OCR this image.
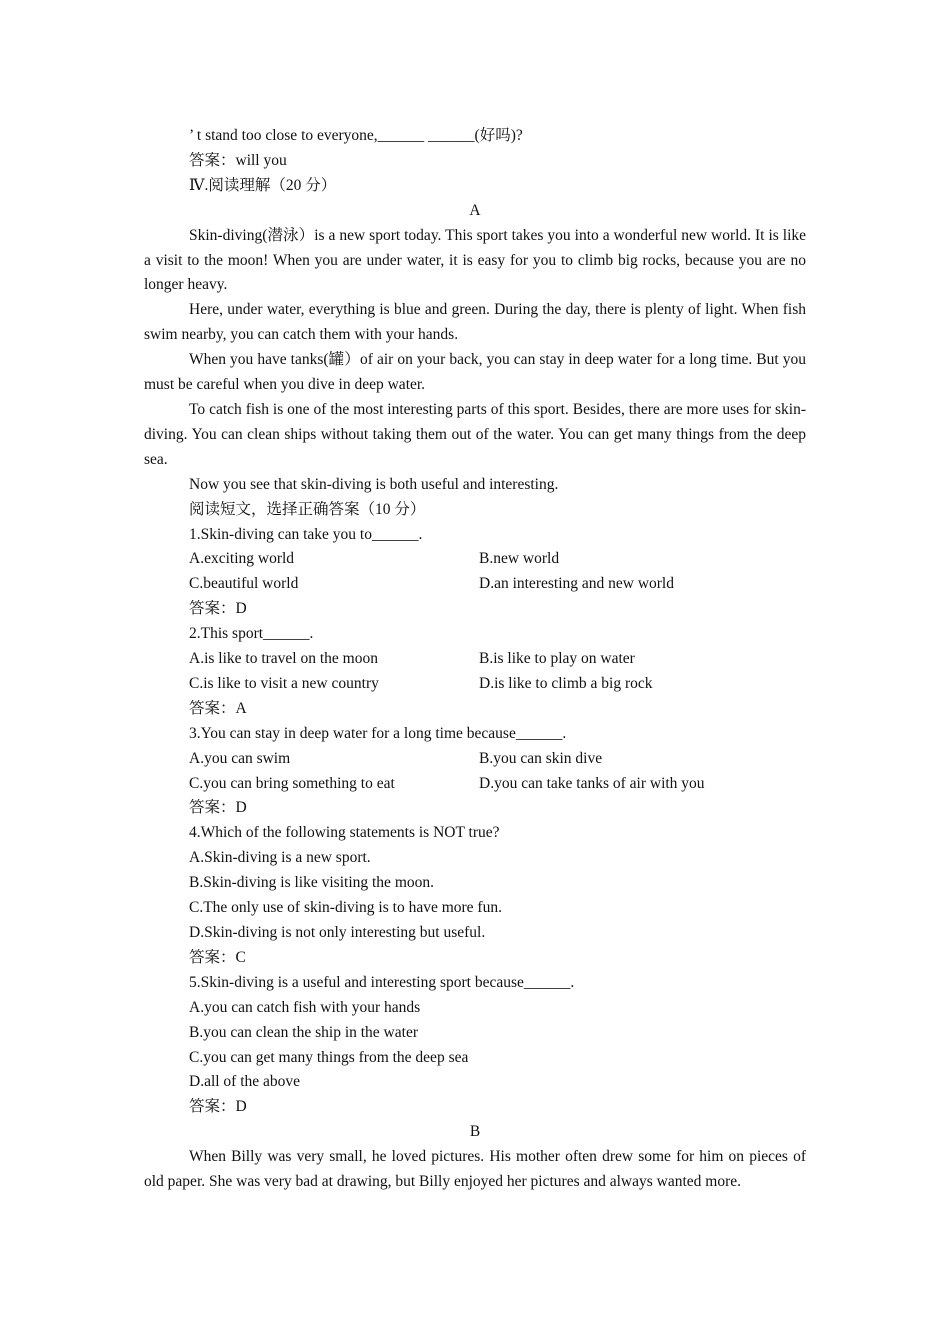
’ t stand too close to everyone,______ ______(好吗)?

答案：will you

Ⅳ.阅读理解（20 分）

A

Skin-diving(潜泳）is a new sport today. This sport takes you into a wonderful new world. It is like a visit to the moon! When you are under water, it is easy for you to climb big rocks, because you are no longer heavy.

Here, under water, everything is blue and green. During the day, there is plenty of light. When fish swim nearby, you can catch them with your hands.

When you have tanks(罐）of air on your back, you can stay in deep water for a long time. But you must be careful when you dive in deep water.

To catch fish is one of the most interesting parts of this sport. Besides, there are more uses for skin-diving. You can clean ships without taking them out of the water. You can get many things from the deep sea.

Now you see that skin-diving is both useful and interesting.

阅读短文，选择正确答案（10 分）

1.Skin-diving can take you to______.

A.exciting world	B.new world
C.beautiful world	D.an interesting and new world

答案：D

2.This sport______.

A.is like to travel on the moon	B.is like to play on water
C.is like to visit a new country	D.is like to climb a big rock

答案：A

3.You can stay in deep water for a long time because______.

A.you can swim	B.you can skin dive
C.you can bring something to eat	D.you can take tanks of air with you

答案：D

4.Which of the following statements is NOT true?

A.Skin-diving is a new sport.

B.Skin-diving is like visiting the moon.

C.The only use of skin-diving is to have more fun.

D.Skin-diving is not only interesting but useful.

答案：C

5.Skin-diving is a useful and interesting sport because______.

A.you can catch fish with your hands

B.you can clean the ship in the water

C.you can get many things from the deep sea

D.all of the above

答案：D

B

When Billy was very small, he loved pictures. His mother often drew some for him on pieces of old paper. She was very bad at drawing, but Billy enjoyed her pictures and always wanted more.
